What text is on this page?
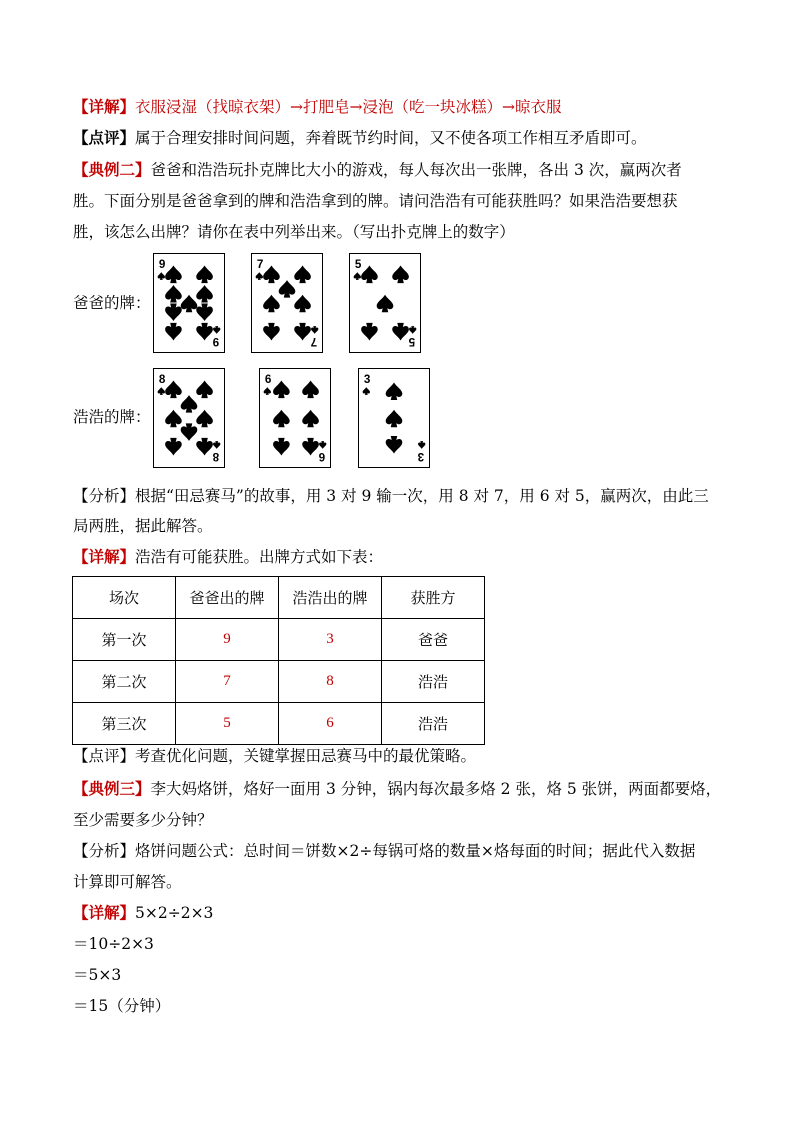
【详解】衣服浸湿（找晾衣架）→打肥皂→浸泡（吃一块冰糕）→晾衣服
【点评】属于合理安排时间问题，奔着既节约时间，又不使各项工作相互矛盾即可。
【典例二】爸爸和浩浩玩扑克牌比大小的游戏，每人每次出一张牌，各出 3 次，赢两次者
胜。下面分别是爸爸拿到的牌和浩浩拿到的牌。请问浩浩有可能获胜吗？如果浩浩要想获
胜，该怎么出牌？请你在表中列举出来。（写出扑克牌上的数字）
爸爸的牌：
浩浩的牌：
9
9
7
7
5
5
8
8
6
6
3
3
【分析】根据“田忌赛马”的故事，用 3 对 9 输一次，用 8 对 7，用 6 对 5，赢两次，由此三
局两胜，据此解答。
【详解】浩浩有可能获胜。出牌方式如下表：
场次	爸爸出的牌	浩浩出的牌	获胜方
第一次	9	3	爸爸
第二次	7	8	浩浩
第三次	5	6	浩浩
【点评】考查优化问题，关键掌握田忌赛马中的最优策略。
【典例三】李大妈烙饼，烙好一面用 3 分钟，锅内每次最多烙 2 张，烙 5 张饼，两面都要烙，
至少需要多少分钟？
【分析】烙饼问题公式：总时间＝饼数×2÷每锅可烙的数量×烙每面的时间；据此代入数据
计算即可解答。
【详解】5×2÷2×3
＝10÷2×3
＝5×3
＝15（分钟）
